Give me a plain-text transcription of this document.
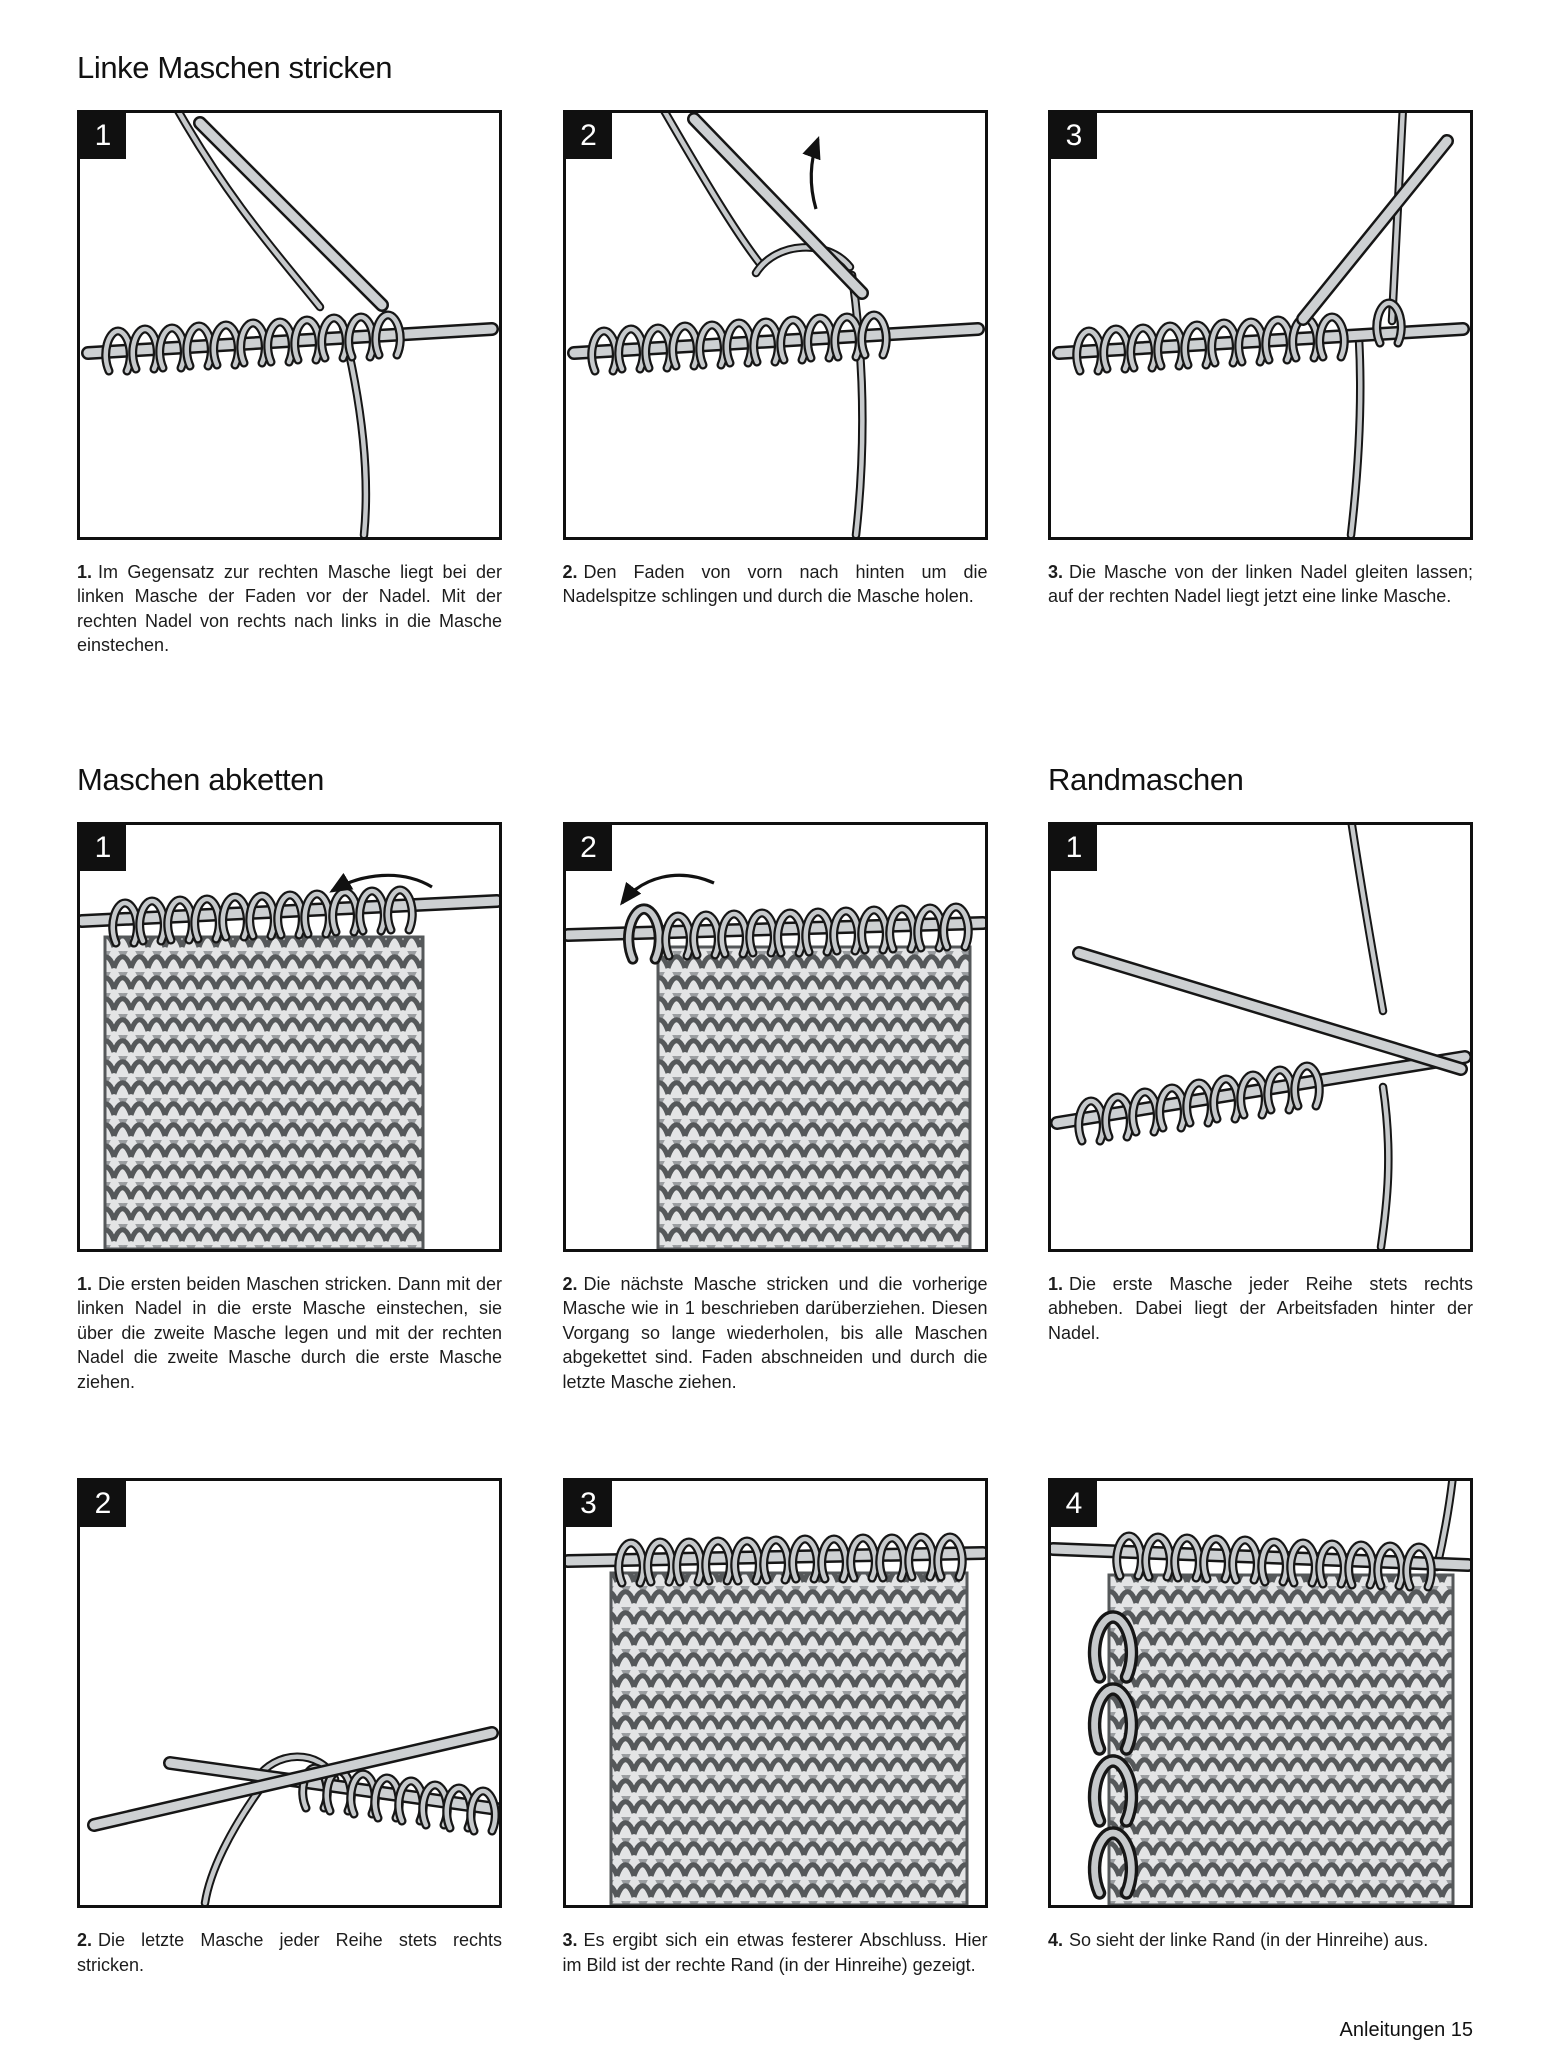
Linke Maschen stricken
1	2	3

1. Im Gegensatz zur rechten Masche liegt bei der linken Masche der Faden vor der Nadel. Mit der rechten Nadel von rechts nach links in die Masche einstechen.

2. Den Faden von vorn nach hinten um die Nadelspitze schlingen und durch die Masche holen.

3. Die Masche von der linken Nadel gleiten lassen; auf der rechten Nadel liegt jetzt eine linke Masche.

Maschen abketten	Randmaschen
1	2	1

1. Die ersten beiden Maschen stricken. Dann mit der linken Nadel in die erste Masche einstechen, sie über die zweite Masche legen und mit der rechten Nadel die zweite Masche durch die erste Masche ziehen.

2. Die nächste Masche stricken und die vorherige Masche wie in 1 beschrieben darüberziehen. Diesen Vorgang so lange wiederholen, bis alle Maschen abgekettet sind. Faden abschneiden und durch die letzte Masche ziehen.

1. Die erste Masche jeder Reihe stets rechts abheben. Dabei liegt der Arbeitsfaden hinter der Nadel.

2	3	4

2. Die letzte Masche jeder Reihe stets rechts stricken.

3. Es ergibt sich ein etwas festerer Abschluss. Hier im Bild ist der rechte Rand (in der Hinreihe) gezeigt.

4. So sieht der linke Rand (in der Hinreihe) aus.

Anleitungen 15
